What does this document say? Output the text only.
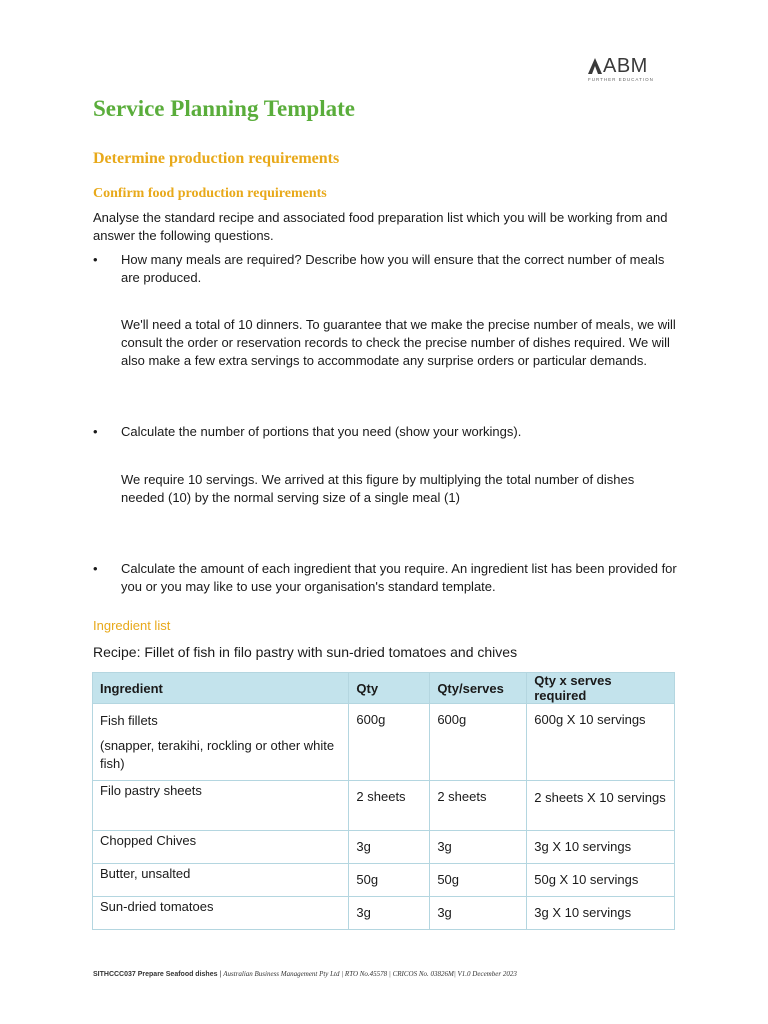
ABM
FURTHER EDUCATION
Service Planning Template
Determine production requirements
Confirm food production requirements

Analyse the standard recipe and associated food preparation list which you will be working from and answer the following questions.

• How many meals are required? Describe how you will ensure that the correct number of meals are produced.

We'll need a total of 10 dinners. To guarantee that we make the precise number of meals, we will consult the order or reservation records to check the precise number of dishes required. We will also make a few extra servings to accommodate any surprise orders or particular demands.

• Calculate the number of portions that you need (show your workings).

We require 10 servings. We arrived at this figure by multiplying the total number of dishes needed (10) by the normal serving size of a single meal (1)

• Calculate the amount of each ingredient that you require. An ingredient list has been provided for you or you may like to use your organisation's standard template.

Ingredient list

Recipe: Fillet of fish in filo pastry with sun-dried tomatoes and chives

Ingredient	Qty	Qty/serves	Qty x serves required

Fish fillets

(snapper, terakihi, rockling or other white fish)	600g	600g	600g X 10 servings
Filo pastry sheets	2 sheets	2 sheets	2 sheets X 10 servings
Chopped Chives	3g	3g	3g X 10 servings
Butter, unsalted	50g	50g	50g X 10 servings
Sun-dried tomatoes	3g	3g	3g X 10 servings
SITHCCC037 Prepare Seafood dishes | Australian Business Management Pty Ltd | RTO No.45578 | CRICOS No. 03826M| V1.0 December 2023
